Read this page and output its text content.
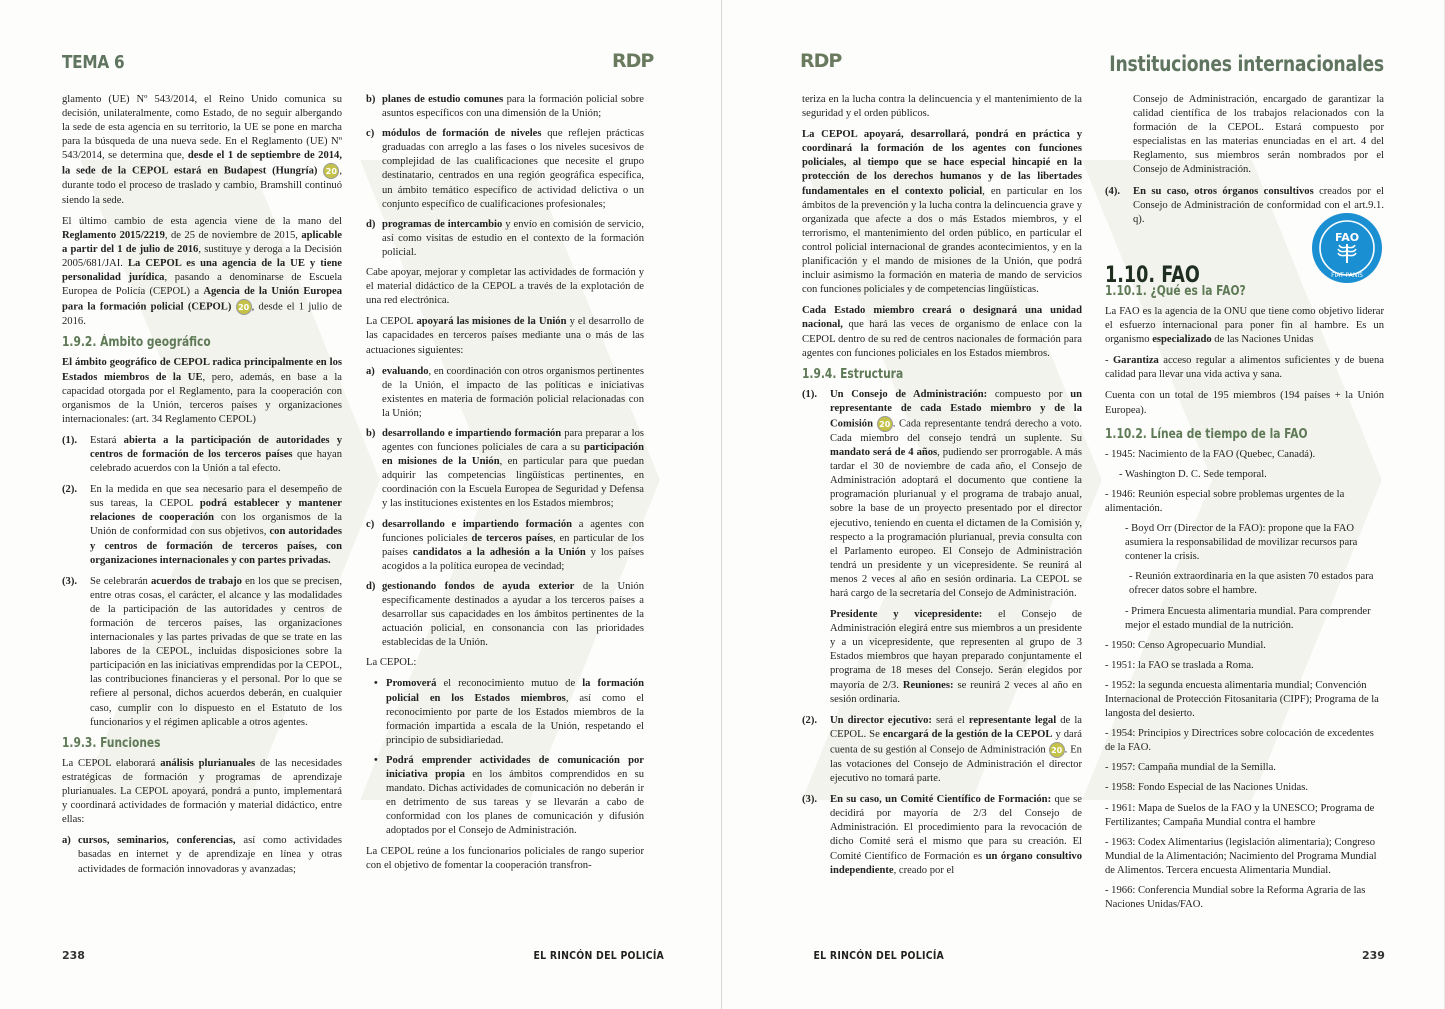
TEMA 6	RDP

glamento (UE) Nº 543/2014, el Reino Unido comunica su decisión, unilateralmente, como Estado, de no seguir albergando la sede de esta agencia en su territorio, la UE se pone en marcha para la búsqueda de una nueva sede. En el Reglamento (UE) Nº 543/2014, se determina que, desde el 1 de septiembre de 2014, la sede de la CEPOL estará en Budapest (Hungría) 20 , durante todo el proceso de traslado y cambio, Bramshill continuó siendo la sede.

El último cambio de esta agencia viene de la mano del Reglamento 2015/2219, de 25 de noviembre de 2015, aplicable a partir del 1 de julio de 2016, sustituye y deroga a la Decisión 2005/681/JAI. La CEPOL es una agencia de la UE y tiene personalidad jurídica, pasando a denominarse de Escuela Europea de Policía (CEPOL) a Agencia de la Unión Europea para la formación policial (CEPOL) 20 , desde el 1 julio de 2016.

1.9.2. Ámbito geográfico

El ámbito geográfico de CEPOL radica principalmente en los Estados miembros de la UE, pero, además, en base a la capacidad otorgada por el Reglamento, para la cooperación con organismos de la Unión, terceros países y organizaciones internacionales: (art. 34 Reglamento CEPOL)

(1).	Estará abierta a la participación de autoridades y centros de formación de los terceros países que hayan celebrado acuerdos con la Unión a tal efecto.
(2).	En la medida en que sea necesario para el desempeño de sus tareas, la CEPOL podrá establecer y mantener relaciones de cooperación con los organismos de la Unión de conformidad con sus objetivos, con autoridades y centros de formación de terceros países, con organizaciones internacionales y con partes privadas.
(3).	Se celebrarán acuerdos de trabajo en los que se precisen, entre otras cosas, el carácter, el alcance y las modalidades de la participación de las autoridades y centros de formación de terceros países, las organizaciones internacionales y las partes privadas de que se trate en las labores de la CEPOL, incluidas disposiciones sobre la participación en las iniciativas emprendidas por la CEPOL, las contribuciones financieras y el personal. Por lo que se refiere al personal, dichos acuerdos deberán, en cualquier caso, cumplir con lo dispuesto en el Estatuto de los funcionarios y el régimen aplicable a otros agentes.
1.9.3. Funciones

La CEPOL elaborará análisis plurianuales de las necesidades estratégicas de formación y programas de aprendizaje plurianuales. La CEPOL apoyará, pondrá a punto, implementará y coordinará actividades de formación y material didáctico, entre ellas:

a) cursos, seminarios, conferencias, así como actividades basadas en internet y de aprendizaje en línea y otras actividades de formación innovadoras y avanzadas;
b) planes de estudio comunes para la formación policial sobre asuntos específicos con una dimensión de la Unión;
c) módulos de formación de niveles que reflejen prácticas graduadas con arreglo a las fases o los niveles sucesivos de complejidad de las cualificaciones que necesite el grupo destinatario, centrados en una región geográfica específica, un ámbito temático específico de actividad delictiva o un conjunto específico de cualificaciones profesionales;
d) programas de intercambio y envío en comisión de servicio, así como visitas de estudio en el contexto de la formación policial.

Cabe apoyar, mejorar y completar las actividades de formación y el material didáctico de la CEPOL a través de la explotación de una red electrónica.

La CEPOL apoyará las misiones de la Unión y el desarrollo de las capacidades en terceros países mediante una o más de las actuaciones siguientes:

a) evaluando, en coordinación con otros organismos pertinentes de la Unión, el impacto de las políticas e iniciativas existentes en materia de formación policial relacionadas con la Unión;
b) desarrollando e impartiendo formación para preparar a los agentes con funciones policiales de cara a su participación en misiones de la Unión, en particular para que puedan adquirir las competencias lingüísticas pertinentes, en coordinación con la Escuela Europea de Seguridad y Defensa y las instituciones existentes en los Estados miembros;
c) desarrollando e impartiendo formación a agentes con funciones policiales de terceros países, en particular de los países candidatos a la adhesión a la Unión y los países acogidos a la política europea de vecindad;
d) gestionando fondos de ayuda exterior de la Unión específicamente destinados a ayudar a los terceros países a desarrollar sus capacidades en los ámbitos pertinentes de la actuación policial, en consonancia con las prioridades establecidas de la Unión.

La CEPOL:

• Promoverá el reconocimiento mutuo de la formación policial en los Estados miembros, así como el reconocimiento por parte de los Estados miembros de la formación impartida a escala de la Unión, respetando el principio de subsidiariedad.
• Podrá emprender actividades de comunicación por iniciativa propia en los ámbitos comprendidos en su mandato. Dichas actividades de comunicación no deberán ir en detrimento de sus tareas y se llevarán a cabo de conformidad con los planes de comunicación y difusión adoptados por el Consejo de Administración.

La CEPOL reúne a los funcionarios policiales de rango superior con el objetivo de fomentar la cooperación transfron-

238	EL RINCÓN DEL POLICÍA
RDP	Instituciones internacionales

teriza en la lucha contra la delincuencia y el mantenimiento de la seguridad y el orden públicos.

La CEPOL apoyará, desarrollará, pondrá en práctica y coordinará la formación de los agentes con funciones policiales, al tiempo que se hace especial hincapié en la protección de los derechos humanos y de las libertades fundamentales en el contexto policial, en particular en los ámbitos de la prevención y la lucha contra la delincuencia grave y organizada que afecte a dos o más Estados miembros, y el terrorismo, el mantenimiento del orden público, en particular el control policial internacional de grandes acontecimientos, y en la planificación y el mando de misiones de la Unión, que podrá incluir asimismo la formación en materia de mando de servicios con funciones policiales y de competencias lingüísticas.

Cada Estado miembro creará o designará una unidad nacional, que hará las veces de organismo de enlace con la CEPOL dentro de su red de centros nacionales de formación para agentes con funciones policiales en los Estados miembros.

1.9.4. Estructura
(1).	Un Consejo de Administración: compuesto por un representante de cada Estado miembro y de la Comisión 20 . Cada representante tendrá derecho a voto. Cada miembro del consejo tendrá un suplente. Su mandato será de 4 años, pudiendo ser prorrogable. A más tardar el 30 de noviembre de cada año, el Consejo de Administración adoptará el documento que contiene la programación plurianual y el programa de trabajo anual, sobre la base de un proyecto presentado por el director ejecutivo, teniendo en cuenta el dictamen de la Comisión y, respecto a la programación plurianual, previa consulta con el Parlamento europeo. El Consejo de Administración tendrá un presidente y un vicepresidente. Se reunirá al menos 2 veces al año en sesión ordinaria. La CEPOL se hará cargo de la secretaría del Consejo de Administración.
Presidente y vicepresidente: el Consejo de Administración elegirá entre sus miembros a un presidente y a un vicepresidente, que representen al grupo de 3 Estados miembros que hayan preparado conjuntamente el programa de 18 meses del Consejo. Serán elegidos por mayoría de 2/3. Reuniones: se reunirá 2 veces al año en sesión ordinaria.
(2).	Un director ejecutivo: será el representante legal de la CEPOL. Se encargará de la gestión de la CEPOL y dará cuenta de su gestión al Consejo de Administración 20 . En las votaciones del Consejo de Administración el director ejecutivo no tomará parte.
(3).	En su caso, un Comité Científico de Formación: que se decidirá por mayoría de 2/3 del Consejo de Administración. El procedimiento para la revocación de dicho Comité será el mismo que para su creación. El Comité Científico de Formación es un órgano consultivo independiente, creado por el

Consejo de Administración, encargado de garantizar la calidad científica de los trabajos relacionados con la formación de la CEPOL. Estará compuesto por especialistas en las materias enunciadas en el art. 4 del Reglamento, sus miembros serán nombrados por el Consejo de Administración.

(4).	En su caso, otros órganos consultivos creados por el Consejo de Administración de conformidad con el art.9.1. q).
1.10. FAO
FAO
FIAT PANIS
1.10.1. ¿Qué es la FAO?

La FAO es la agencia de la ONU que tiene como objetivo liderar el esfuerzo internacional para poner fin al hambre. Es un organismo especializado de las Naciones Unidas

- Garantiza acceso regular a alimentos suficientes y de buena calidad para llevar una vida activa y sana.

Cuenta con un total de 195 miembros (194 países + la Unión Europea).

1.10.2. Línea de tiempo de la FAO
- 1945: Nacimiento de la FAO (Quebec, Canadá).
- Washington D. C. Sede temporal.
- 1946: Reunión especial sobre problemas urgentes de la alimentación.
- Boyd Orr (Director de la FAO): propone que la FAO asumiera la responsabilidad de movilizar recursos para contener la crisis.
- Reunión extraordinaria en la que asisten 70 estados para ofrecer datos sobre el hambre.
- Primera Encuesta alimentaria mundial. Para comprender mejor el estado mundial de la nutrición.
- 1950: Censo Agropecuario Mundial.
- 1951: la FAO se traslada a Roma.
- 1952: la segunda encuesta alimentaria mundial; Convención Internacional de Protección Fitosanitaria (CIPF); Programa de la langosta del desierto.
- 1954: Principios y Directrices sobre colocación de excedentes de la FAO.
- 1957: Campaña mundial de la Semilla.
- 1958: Fondo Especial de las Naciones Unidas.
- 1961: Mapa de Suelos de la FAO y la UNESCO; Programa de Fertilizantes; Campaña Mundial contra el hambre
- 1963: Codex Alimentarius (legislación alimentaria); Congreso Mundial de la Alimentación; Nacimiento del Programa Mundial de Alimentos. Tercera encuesta Alimentaria Mundial.
- 1966: Conferencia Mundial sobre la Reforma Agraria de las Naciones Unidas/FAO.
EL RINCÓN DEL POLICÍA	239
